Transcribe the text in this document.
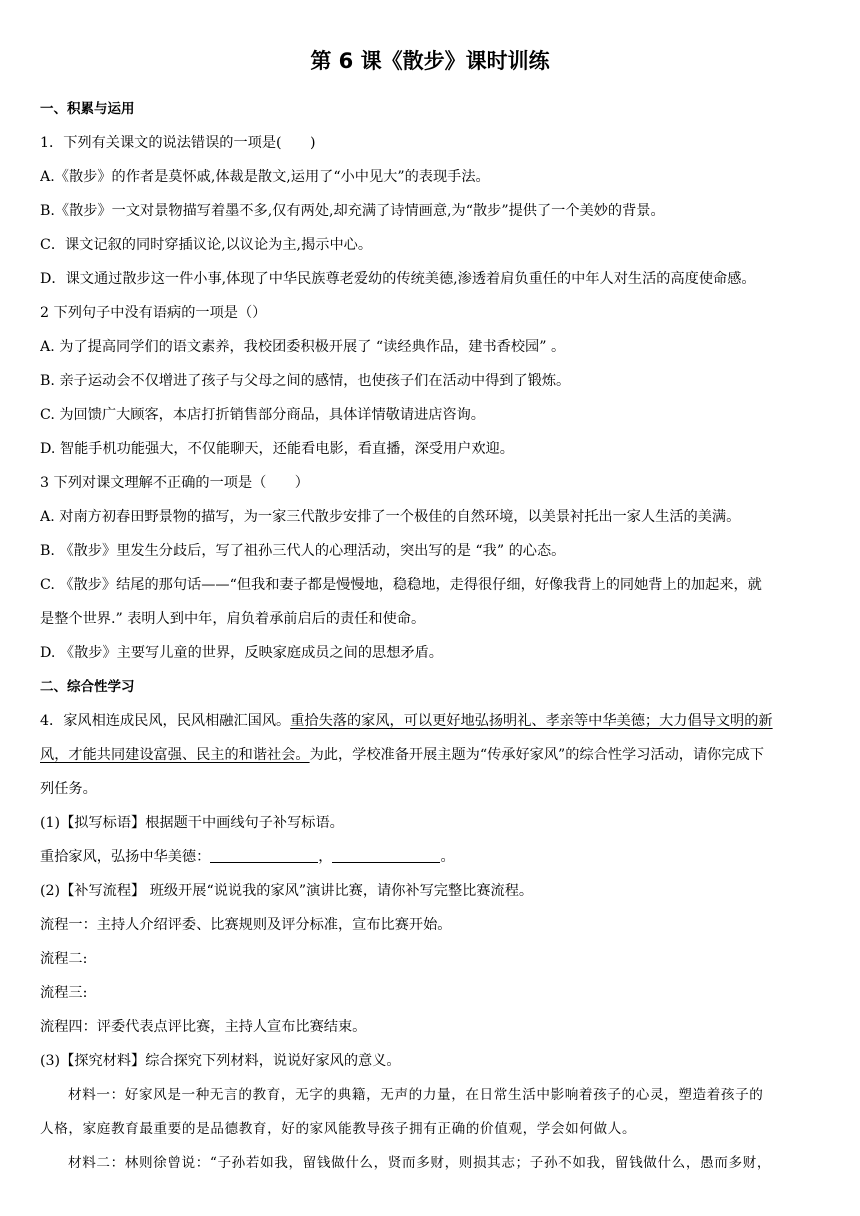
第 6 课《散步》课时训练
一、积累与运用
1．下列有关课文的说法错误的一项是(　　)
A.《散步》的作者是莫怀戚,体裁是散文,运用了“小中见大”的表现手法。
B.《散步》一文对景物描写着墨不多,仅有两处,却充满了诗情画意,为“散步”提供了一个美妙的背景。
C．课文记叙的同时穿插议论,以议论为主,揭示中心。
D．课文通过散步这一件小事,体现了中华民族尊老爱幼的传统美德,渗透着肩负重任的中年人对生活的高度使命感。
2 下列句子中没有语病的一项是（）
A. 为了提高同学们的语文素养，我校团委积极开展了 “读经典作品，建书香校园” 。
B. 亲子运动会不仅增进了孩子与父母之间的感情，也使孩子们在活动中得到了锻炼。
C. 为回馈广大顾客，本店打折销售部分商品，具体详情敬请进店咨询。
D. 智能手机功能强大，不仅能聊天，还能看电影，看直播，深受用户欢迎。
3 下列对课文理解不正确的一项是（　　）
A. 对南方初春田野景物的描写，为一家三代散步安排了一个极佳的自然环境，以美景衬托出一家人生活的美满。
B. 《散步》里发生分歧后，写了祖孙三代人的心理活动，突出写的是 “我” 的心态。
C. 《散步》结尾的那句话——“但我和妻子都是慢慢地，稳稳地，走得很仔细，好像我背上的同她背上的加起来，就
是整个世界.” 表明人到中年，肩负着承前启后的责任和使命。
D. 《散步》主要写儿童的世界，反映家庭成员之间的思想矛盾。
二、综合性学习
4．家风相连成民风，民风相融汇国风。重拾失落的家风，可以更好地弘扬明礼、孝亲等中华美德；大力倡导文明的新
风，才能共同建设富强、民主的和谐社会。为此，学校准备开展主题为“传承好家风”的综合性学习活动，请你完成下
列任务。
(1)【拟写标语】根据题干中画线句子补写标语。
重拾家风，弘扬中华美德：	，	。
(2)【补写流程】 班级开展“说说我的家风”演讲比赛，请你补写完整比赛流程。
流程一：主持人介绍评委、比赛规则及评分标准，宣布比赛开始。
流程二:
流程三:
流程四：评委代表点评比赛，主持人宣布比赛结束。
(3)【探究材料】综合探究下列材料，说说好家风的意义。
材料一：好家风是一种无言的教育，无字的典籍，无声的力量，在日常生活中影响着孩子的心灵，塑造着孩子的
人格，家庭教育最重要的是品德教育，好的家风能教导孩子拥有正确的价值观，学会如何做人。
材料二：林则徐曾说：“子孙若如我，留钱做什么，贤而多财，则损其志；子孙不如我，留钱做什么，愚而多财，
